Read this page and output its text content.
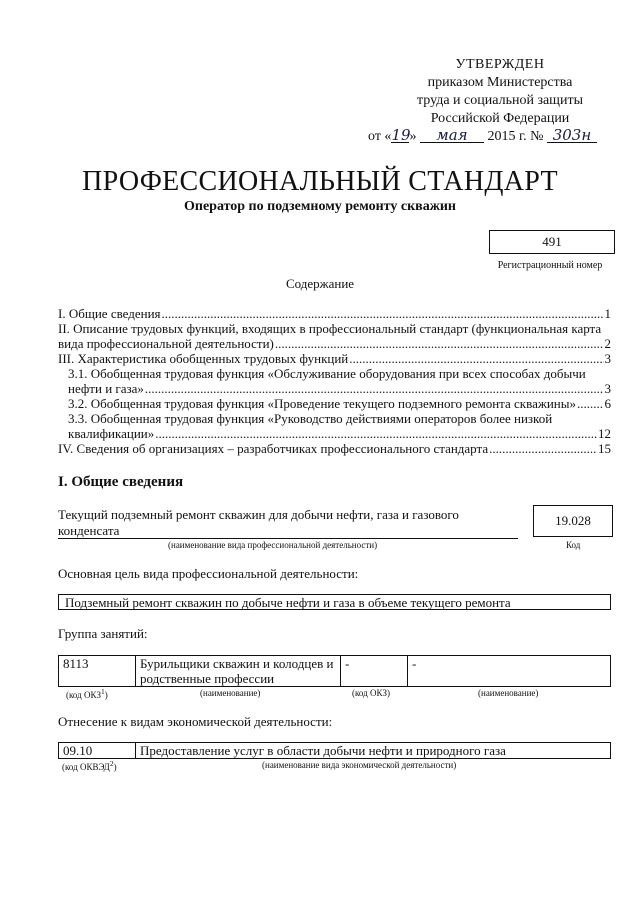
УТВЕРЖДЕН
приказом Министерства
труда и социальной защиты
Российской Федерации
от «19» мая 2015 г. № 303н
ПРОФЕССИОНАЛЬНЫЙ СТАНДАРТ
Оператор по подземному ремонту скважин
491
Регистрационный номер
Содержание
I. Общие сведения .....	1
II. Описание трудовых функций, входящих в профессиональный стандарт (функциональная карта
вида профессиональной деятельности) .....	2
III. Характеристика обобщенных трудовых функций .....	3
3.1. Обобщенная трудовая функция «Обслуживание оборудования при всех способах добычи
нефти и газа» .....	3
3.2. Обобщенная трудовая функция «Проведение текущего подземного ремонта скважины» ..... 6
3.3. Обобщенная трудовая функция «Руководство действиями операторов более низкой
квалификации» .....	12
IV. Сведения об организациях – разработчиках профессионального стандарта .....	15
I. Общие сведения
Текущий подземный ремонт скважин для добычи нефти, газа и газового конденсата
(наименование вида профессиональной деятельности)
19.028
Код
Основная цель вида профессиональной деятельности:
Подземный ремонт скважин по добыче нефти и газа в объеме текущего ремонта
Группа занятий:
8113	Бурильщики скважин и колодцев и родственные профессии	-	-
(код ОКЗ$^1$)	(наименование)	(код ОКЗ)	(наименование)
Отнесение к видам экономической деятельности:
09.10	Предоставление услуг в области добычи нефти и природного газа
(код ОКВЭД$^2$)	(наименование вида экономической деятельности)
